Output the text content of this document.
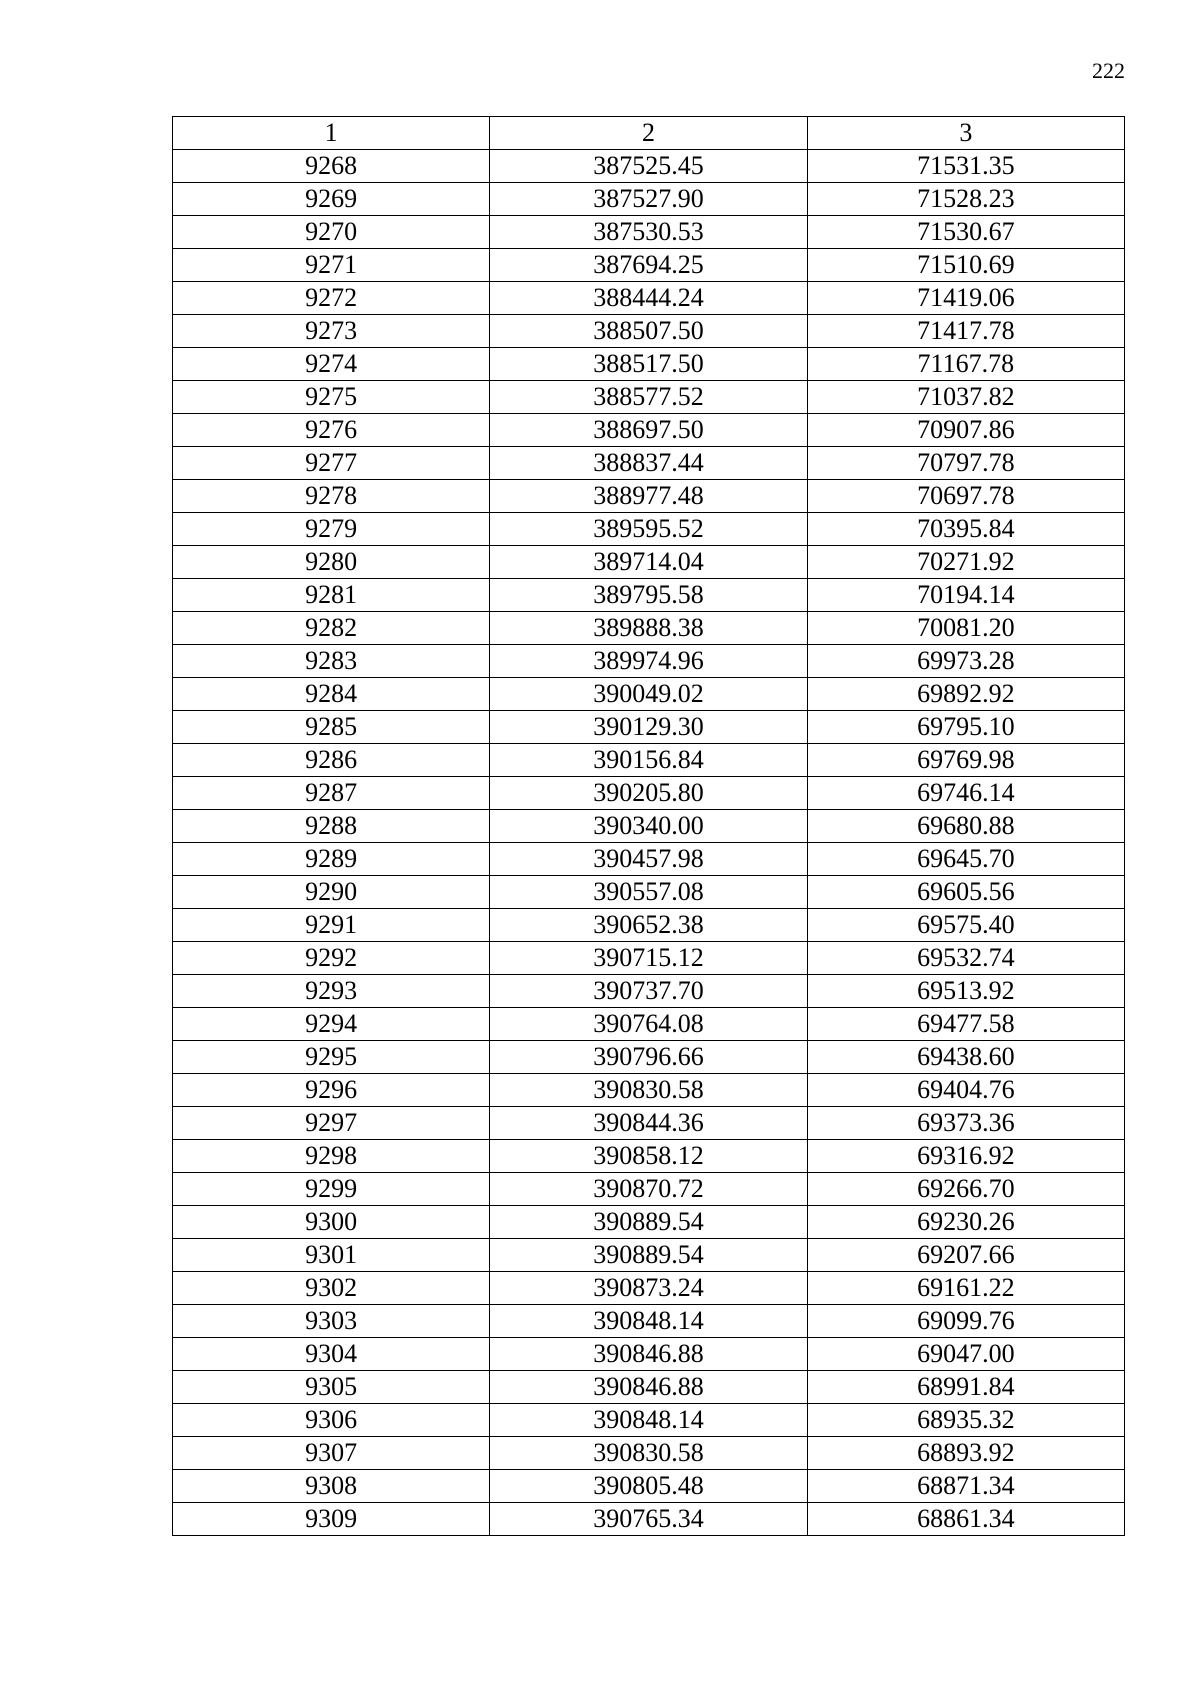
222
1	2	3
9268	387525.45	71531.35
9269	387527.90	71528.23
9270	387530.53	71530.67
9271	387694.25	71510.69
9272	388444.24	71419.06
9273	388507.50	71417.78
9274	388517.50	71167.78
9275	388577.52	71037.82
9276	388697.50	70907.86
9277	388837.44	70797.78
9278	388977.48	70697.78
9279	389595.52	70395.84
9280	389714.04	70271.92
9281	389795.58	70194.14
9282	389888.38	70081.20
9283	389974.96	69973.28
9284	390049.02	69892.92
9285	390129.30	69795.10
9286	390156.84	69769.98
9287	390205.80	69746.14
9288	390340.00	69680.88
9289	390457.98	69645.70
9290	390557.08	69605.56
9291	390652.38	69575.40
9292	390715.12	69532.74
9293	390737.70	69513.92
9294	390764.08	69477.58
9295	390796.66	69438.60
9296	390830.58	69404.76
9297	390844.36	69373.36
9298	390858.12	69316.92
9299	390870.72	69266.70
9300	390889.54	69230.26
9301	390889.54	69207.66
9302	390873.24	69161.22
9303	390848.14	69099.76
9304	390846.88	69047.00
9305	390846.88	68991.84
9306	390848.14	68935.32
9307	390830.58	68893.92
9308	390805.48	68871.34
9309	390765.34	68861.34
